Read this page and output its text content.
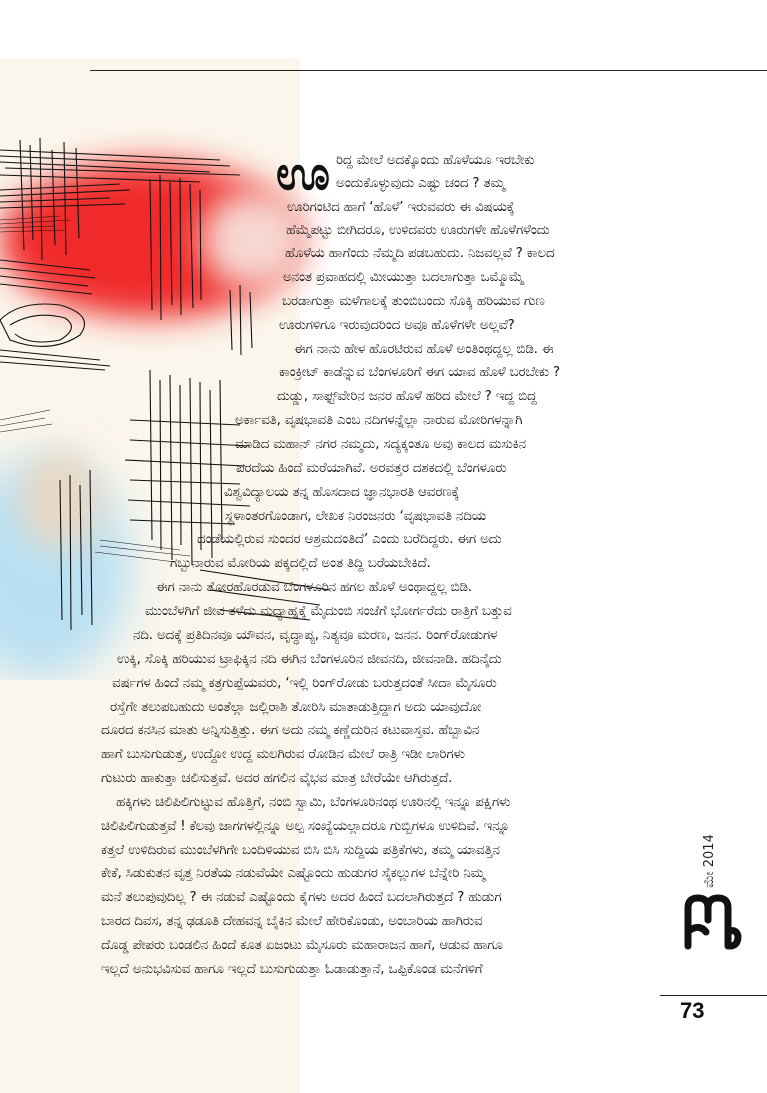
ಊ ರಿದ್ದ ಮೇಲೆ ಅದಕ್ಕೊಂದು ಹೊಳೆಯೂ ಇರಬೇಕು
ಅಂದುಕೊಳ್ಳುವುದು ಎಷ್ಟು ಚಂದ ? ತಮ್ಮ
ಊರಿಗಂಟಿದ ಹಾಗೆ ‘ಹೊಳೆ’ ಇರುವವರು ಈ ವಿಷಯಕ್ಕೆ
ಹೆಮ್ಮೆಪಟ್ಟು ಬೀಗಿದರೂ, ಉಳಿದವರು ಊರುಗಳೇ ಹೊಳೆಗಳೆಂದು
ಹೊಳೆಯ ಹಾಗೆಂದು ನೆಮ್ಮದಿ ಪಡಬಹುದು. ನಿಜವಲ್ಲವೆ ? ಕಾಲದ
ಅನಂತ ಪ್ರವಾಹದಲ್ಲಿ ಮೀಯುತ್ತಾ ಬದಲಾಗುತ್ತಾ ಒಮ್ಮೊಮ್ಮೆ
ಬರಡಾಗುತ್ತಾ ಮಳೆಗಾಲಕ್ಕೆ ತುಂಬಿಬಂದು ಸೊಕ್ಕಿ ಹರಿಯುವ ಗುಣ
ಊರುಗಳಿಗೂ ಇರುವುದರಿಂದ ಅವೂ ಹೊಳೆಗಳೇ ಅಲ್ಲವೆ?
ಈಗ ನಾನು ಹೇಳ ಹೊರಟಿರುವ ಹೊಳೆ ಅಂತಿಂಥದ್ದಲ್ಲ ಬಿಡಿ. ಈ
ಕಾಂಕ್ರೀಟ್ ಕಾಡೆನ್ನುವ ಬೆಂಗಳೂರಿಗೆ ಈಗ ಯಾವ ಹೊಳೆ ಬರಬೇಕು ?
ದುಡ್ಡು, ಸಾಫ್ಟ್‌ವೇರಿನ ಜನರ ಹೊಳೆ ಹರಿದ ಮೇಲೆ ? ಇದ್ದ ಬಿದ್ದ
ಅರ್ಕಾವತಿ, ವೃಷಭಾವತಿ ಎಂಬ ನದಿಗಳನ್ನೆಲ್ಲಾ ನಾರುವ ಮೋರಿಗಳನ್ನಾಗಿ
ಮಾಡಿದ ಮಹಾನ್ ನಗರ ನಮ್ಮದು, ಸದ್ಯಕ್ಕಂತೂ ಅವು ಕಾಲದ ಮಸುಕಿನ
ಪರದೆಯ ಹಿಂದೆ ಮರೆಯಾಗಿವೆ. ಅರವತ್ತರ ದಶಕದಲ್ಲಿ ಬೆಂಗಳೂರು
ವಿಶ್ವವಿದ್ಯಾಲಯ ತನ್ನ ಹೊಸದಾದ ಜ್ಞಾನಭಾರತಿ ಆವರಣಕ್ಕೆ
ಸ್ಥಳಾಂತರಗೊಂಡಾಗ, ಲೇಖಕ ನಿರಂಜನರು ‘ವೃಷಭಾವತಿ ನದಿಯ
ದಂಡೆಯಲ್ಲಿರುವ ಸುಂದರ ಆಶ್ರಮದಂತಿದೆ’ ಎಂದು ಬರೆದಿದ್ದರು. ಈಗ ಅದು
ಗಬ್ಬುನಾರುವ ಮೋರಿಯ ಪಕ್ಕದಲ್ಲಿದೆ ಅಂತ ತಿದ್ದಿ ಬರೆಯಬೇಕಿದೆ.
ಈಗ ನಾನು ತೋರಹೊರಡುವ ಬೆಂಗಳೂರಿನ ಹಗಲ ಹೊಳೆ ಅಂಥಾದ್ದಲ್ಲ ಬಿಡಿ.
ಮುಂಬೆಳಗಿಗೆ ಜೀವ ತಳೆದು ಮಧ್ಯಾಹ್ನಕ್ಕೆ ಮೈದುಂಬಿ ಸಂಜೆಗೆ ಭೋರ್ಗರೆದು ರಾತ್ರಿಗೆ ಬತ್ತುವ
ನದಿ. ಅದಕ್ಕೆ ಪ್ರತಿದಿನವೂ ಯೌವನ, ವೃದ್ಧಾಪ್ಯ, ನಿತ್ಯವೂ ಮರಣ, ಜನನ. ರಿಂಗ್‌ರೋಡುಗಳ
ಉಕ್ಕಿ, ಸೊಕ್ಕಿ ಹರಿಯುವ ಟ್ರಾಫಿಕ್ಕಿನ ನದಿ ಈಗಿನ ಬೆಂಗಳೂರಿನ ಜೀವನದಿ, ಜೀವನಾಡಿ. ಹದಿನೈದು
ವರ್ಷಗಳ ಹಿಂದೆ ನಮ್ಮ ಕತ್ರಗುಪ್ಪೆಯವರು, ‘ಇಲ್ಲಿ ರಿಂಗ್‌ರೋಡು ಬರುತ್ತದಂತೆ ಸೀದಾ ಮೈಸೂರು
ರಸ್ತೆಗೇ ತಲುಪಬಹುದು ಅಂತೆಲ್ಲಾ ಜಲ್ಲಿರಾಶಿ ತೋರಿಸಿ ಮಾತಾಡುತ್ತಿದ್ದಾಗ ಅದು ಯಾವುದೋ
ದೂರದ ಕನಸಿನ ಮಾತು ಅನ್ನಿಸುತ್ತಿತ್ತು. ಈಗ ಅದು ನಮ್ಮ ಕಣ್ಣೆದುರಿನ ಕಟುವಾಸ್ತವ. ಹೆಬ್ಬಾವಿನ
ಹಾಗೆ ಬುಸುಗುಡುತ್ತ, ಉದ್ದೋ ಉದ್ದ ಮಲಗಿರುವ ರೋಡಿನ ಮೇಲೆ ರಾತ್ರಿ ಇಡೀ ಲಾರಿಗಳು
ಗುಟುರು ಹಾಕುತ್ತಾ ಚಲಿಸುತ್ತವೆ. ಅದರ ಹಗಲಿನ ವೈಭವ ಮಾತ್ರ ಬೇರೆಯೇ ಆಗಿರುತ್ತದೆ.
ಹಕ್ಕಿಗಳು ಚಿಲಿಪಿಲಿಗುಟ್ಟುವ ಹೊತ್ತಿಗೆ, ನಂಬಿ ಸ್ವಾಮಿ, ಬೆಂಗಳೂರಿನಂಥ ಊರಿನಲ್ಲಿ ಇನ್ನೂ ಪಕ್ಷಿಗಳು
ಚಿಲಿಪಿಲಿಗುಡುತ್ತವೆ ! ಕೆಲವು ಜಾಗಗಳಲ್ಲಿನ್ನೂ ಅಲ್ಪ ಸಂಖ್ಯೆಯಲ್ಲಾದರೂ ಗುಬ್ಬಿಗಳೂ ಉಳಿದಿವೆ. ಇನ್ನೂ
ಕತ್ತಲೆ ಉಳಿದಿರುವ ಮುಂಬೆಳಗಿಗೇ ಬಂದಿಳಿಯುವ ಬಿಸಿ ಬಿಸಿ ಸುದ್ದಿಯ ಪತ್ರಿಕೆಗಳು, ತಮ್ಮ ಯಾವತ್ತಿನ
ಕೇಕೆ, ಸಿಡುಕುತನ ವೃತ್ತ ನಿರತೆಯ ನಡುವೆಯೇ ಎಷ್ಟೊಂದು ಹುಡುಗರ ಸೈಕಲ್ಲುಗಳ ಬೆನ್ನೇರಿ ನಿಮ್ಮ
ಮನೆ ತಲುಪುವುದಿಲ್ಲ ? ಈ ನಡುವೆ ಎಷ್ಟೊಂದು ಕೈಗಳು ಅದರ ಹಿಂದೆ ಬದಲಾಗಿರುತ್ತದೆ ? ಹುಡುಗ
ಬಾರದ ದಿವಸ, ತನ್ನ ಢಡೂತಿ ದೇಹವನ್ನ ಬೈಕಿನ ಮೇಲೆ ಹೇರಿಕೊಂಡು, ಅಂಬಾರಿಯ ಹಾಗಿರುವ
ದೊಡ್ಡ ಪೇಪರು ಬಂಡಲಿನ ಹಿಂದೆ ಕೂತ ಏಜಂಟು ಮೈಸೂರು ಮಹಾರಾಜನ ಹಾಗೆ, ಆಡುವ ಹಾಗೂ
ಇಲ್ಲದೆ ಅನುಭವಿಸುವ ಹಾಗೂ ಇಲ್ಲದೆ ಬುಸುಗುಡುತ್ತಾ ಓಡಾಡುತ್ತಾನೆ, ಒಪ್ಪಿಕೊಂಡ ಮನೆಗಳಿಗೆ
ಮೇ 2014
73
